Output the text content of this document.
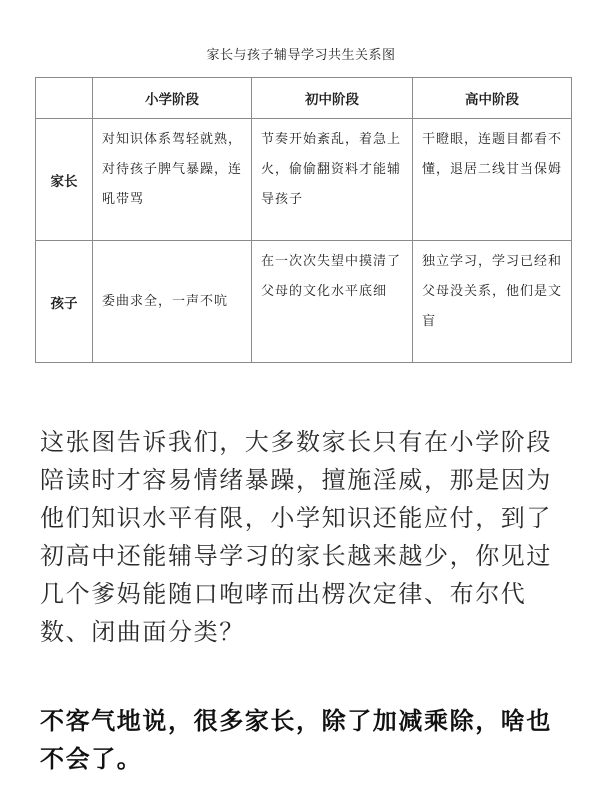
家长与孩子辅导学习共生关系图
	小学阶段	初中阶段	高中阶段
家长	对知识体系驾轻就熟，对待孩子脾气暴躁，连吼带骂	节奏开始紊乱，着急上火，偷偷翻资料才能辅导孩子	干瞪眼，连题目都看不懂，退居二线甘当保姆

孩子	委曲求全，一声不吭	在一次次失望中摸清了父母的文化水平底细	独立学习，学习已经和父母没关系，他们是文盲

这张图告诉我们，大多数家长只有在小学阶段陪读时才容易情绪暴躁，擅施淫威，那是因为他们知识水平有限，小学知识还能应付，到了初高中还能辅导学习的家长越来越少，你见过几个爹妈能随口咆哮而出楞次定律、布尔代数、闭曲面分类？

不客气地说，很多家长，除了加减乘除，啥也不会了。
